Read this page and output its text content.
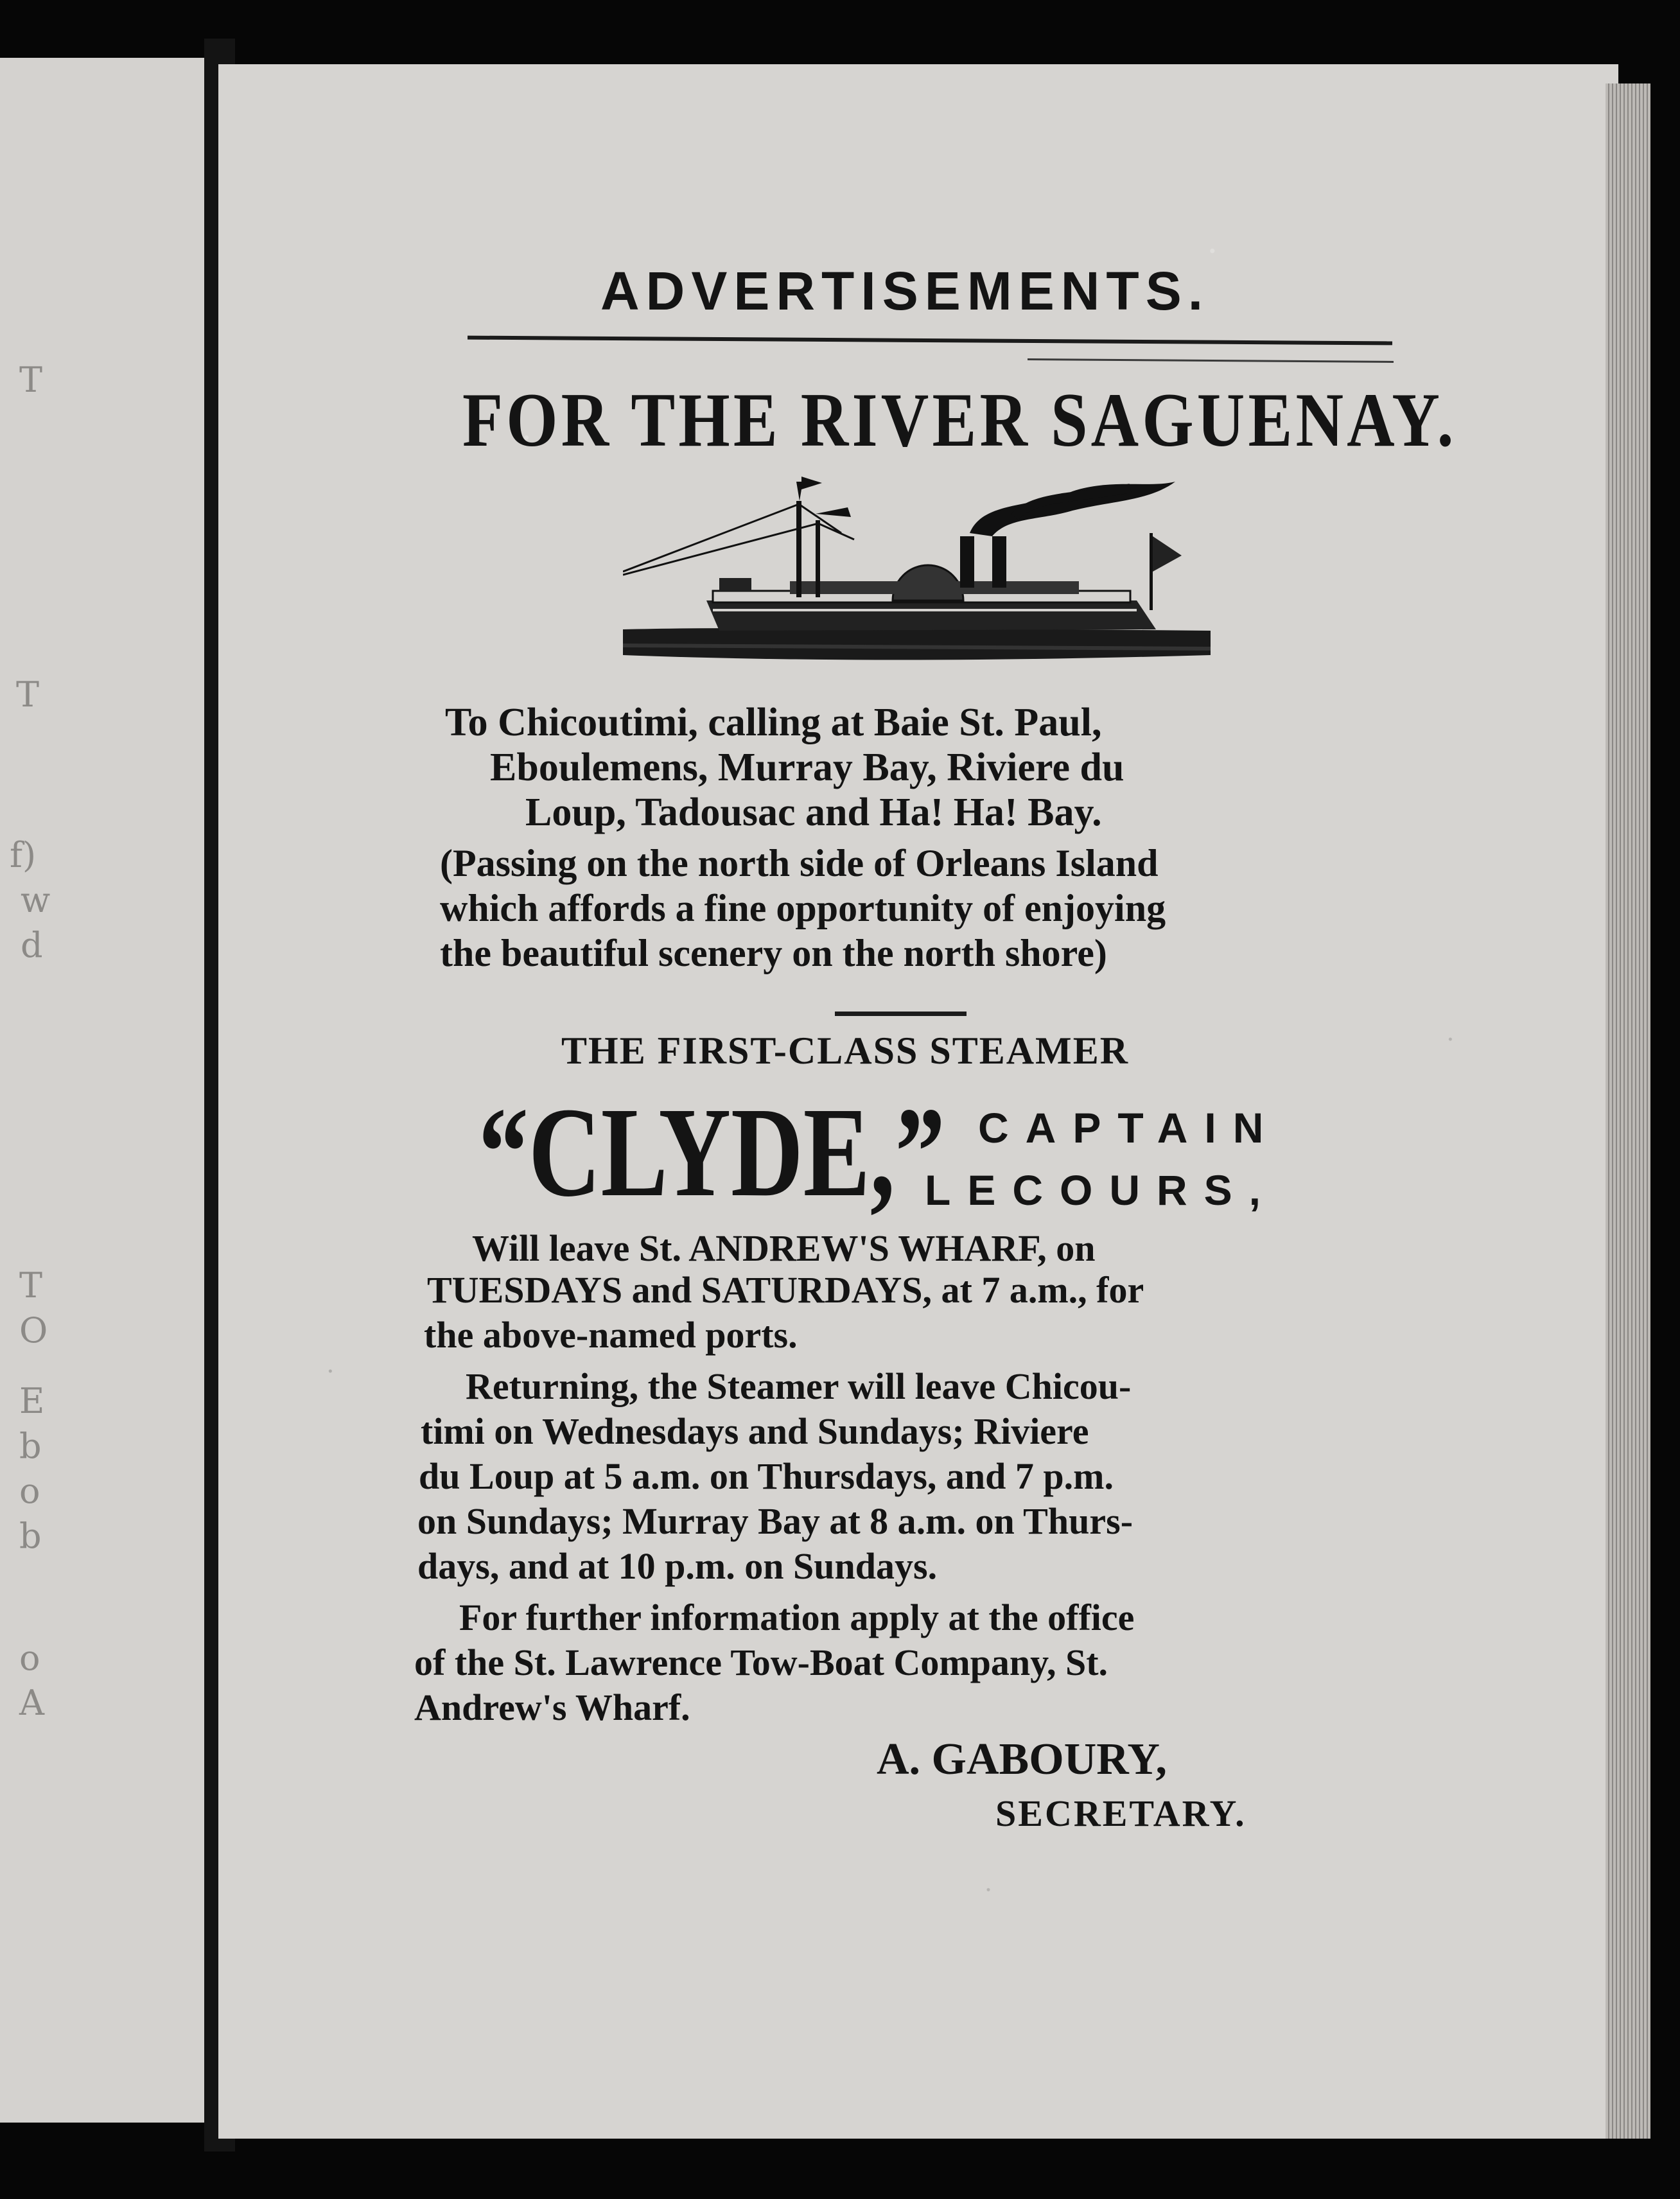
T
T
f)
w
d
T
O
E
b
o
b
o
A
ADVERTISEMENTS.
FOR THE RIVER SAGUENAY.
To Chicoutimi, calling at Baie St. Paul,
Eboulemens, Murray Bay, Riviere du
Loup, Tadousac and Ha! Ha! Bay.
(Passing on the north side of Orleans Island
which affords a fine opportunity of enjoying
the beautiful scenery on the north shore)
THE FIRST-CLASS STEAMER
“CLYDE,” CAPTAIN
LECOURS,
Will leave St. ANDREW'S WHARF, on
TUESDAYS and SATURDAYS, at 7 a.m., for
the above-named ports.
Returning, the Steamer will leave Chicou-
timi on Wednesdays and Sundays; Riviere
du Loup at 5 a.m. on Thursdays, and 7 p.m.
on Sundays; Murray Bay at 8 a.m. on Thurs-
days, and at 10 p.m. on Sundays.
For further information apply at the office
of the St. Lawrence Tow-Boat Company, St.
Andrew's Wharf.
A. GABOURY,
SECRETARY.
